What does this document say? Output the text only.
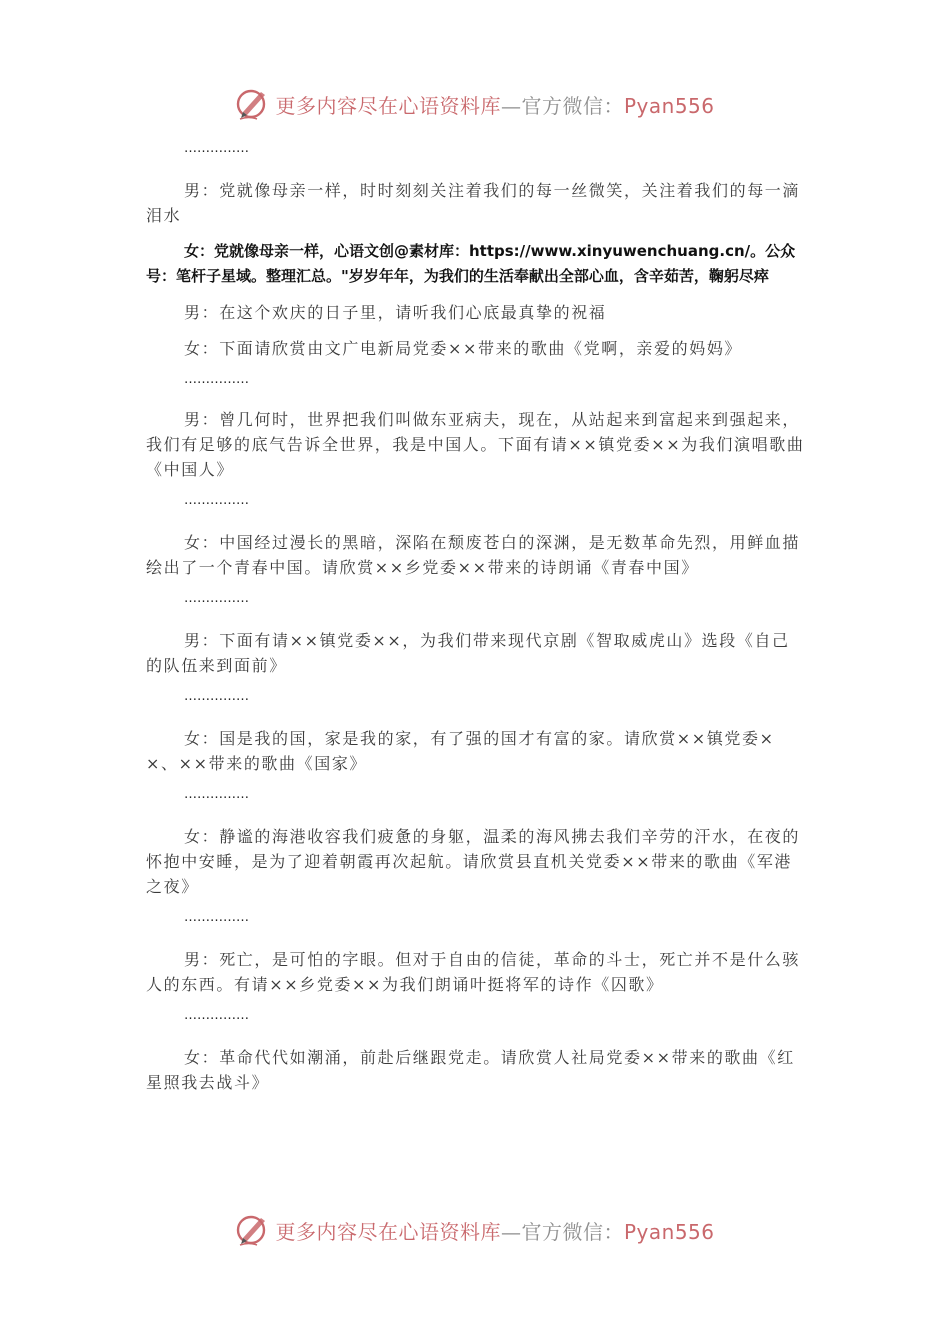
更多内容尽在心语资料库—官方微信：Pyan556

……………

男：党就像母亲一样，时时刻刻关注着我们的每一丝微笑，关注着我们的每一滴泪水

女：党就像母亲一样，心语文创@素材库：https://www.xinyuwenchuang.cn/。公众号：笔杆子星域。整理汇总。"岁岁年年，为我们的生活奉献出全部心血，含辛茹苦，鞠躬尽瘁

男：在这个欢庆的日子里，请听我们心底最真挚的祝福

女：下面请欣赏由文广电新局党委××带来的歌曲《党啊，亲爱的妈妈》

……………

男：曾几何时，世界把我们叫做东亚病夫，现在，从站起来到富起来到强起来，我们有足够的底气告诉全世界，我是中国人。下面有请××镇党委××为我们演唱歌曲《中国人》

……………

女：中国经过漫长的黑暗，深陷在颓废苍白的深渊，是无数革命先烈，用鲜血描绘出了一个青春中国。请欣赏××乡党委××带来的诗朗诵《青春中国》

……………

男：下面有请××镇党委××，为我们带来现代京剧《智取威虎山》选段《自己的队伍来到面前》

……………

女：国是我的国，家是我的家，有了强的国才有富的家。请欣赏××镇党委××、××带来的歌曲《国家》

……………

女：静谧的海港收容我们疲惫的身躯，温柔的海风拂去我们辛劳的汗水，在夜的怀抱中安睡，是为了迎着朝霞再次起航。请欣赏县直机关党委××带来的歌曲《军港之夜》

……………

男：死亡，是可怕的字眼。但对于自由的信徒，革命的斗士，死亡并不是什么骇人的东西。有请××乡党委××为我们朗诵叶挺将军的诗作《囚歌》

……………

女：革命代代如潮涌，前赴后继跟党走。请欣赏人社局党委××带来的歌曲《红星照我去战斗》

更多内容尽在心语资料库—官方微信：Pyan556
